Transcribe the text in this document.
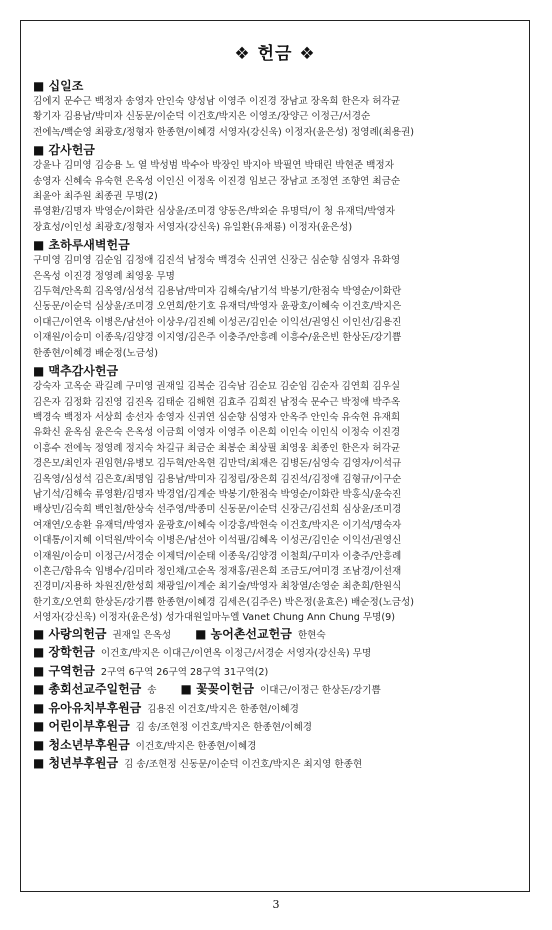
❖ 헌금 ❖
■ 십일조
김에지 문수근 백정자 송영자 안인숙 양성남 이영주 이진경 장남교 장옥희 한은자 허각균
황기자 김용남/박미자 신동문/이순덕 이건호/박지은 이영조/장양근 이정근/서경순
전에녹/백순영 최광호/정형자 한종현/이혜경 서영자(강신욱) 이정자(윤은성) 정영례(최용권)
■ 감사헌금
강윤나 김미영 김승용 노 열 박성범 박수아 박장인 박지아 박필연 박태린 박현준 백정자
송영자 신혜숙 유숙현 은옥성 이인신 이정옥 이진경 임보근 장남교 조정연 조향연 최금순
최윤아 최주원 최종권 무명(2)
류영환/김명자 박영순/이화란 심상윤/조미경 양동은/박외순 유명덕/이 청 유재덕/박영자
장효성/이인성 최광호/정형자 서영자(강신욱) 유일환(유채룡) 이정자(윤은성)
■ 초하루새벽헌금
구미영 김미영 김순임 김정애 김진석 남정숙 백경숙 신귀연 신장근 심순향 심영자 유화영
은옥성 이진경 정영례 최영웅 무명
김두혁/안옥희 김옥영/심성석 김용남/박미자 김해숙/남기석 박봉기/한점숙 박영순/이화란
신동문/이순덕 심상윤/조미경 오연희/한기호 유재덕/박영자 윤광호/이혜숙 이건호/박지은
이대근/이연옥 이병은/남선아 이상우/김진혜 이성곤/김인순 이익선/권영신 이인선/김용진
이재원/이승미 이종욱/김양경 이지영/김은주 이충주/안흥례 이흥수/윤은빈 한상돈/강기쁨
한종현/이혜경 배순정(노금성)
■ 맥추감사헌금
강숙자 고옥순 곽길례 구미영 권재일 김복순 김숙남 김순묘 김순임 김순자 김연희 김우실
김은자 김정화 김진영 김진옥 김태순 김해현 김효주 김희진 남정숙 문수근 박정애 박주옥
백경숙 백정자 서상희 송선자 송영자 신귀연 심순향 심영자 안옥주 안인숙 유숙현 유재희
유화신 윤옥심 윤은숙 은옥성 이금희 이영자 이영주 이은희 이인숙 이인식 이정숙 이진경
이흥수 전에녹 정영례 정지숙 차길규 최금순 최봉순 최상필 최영웅 최종인 한은자 허각균
경은모/최인자 권임현/유병모 김두혁/안옥현 김만덕/최재은 김병돈/심영숙 김영자/이석규
김옥영/심성석 김은호/최명임 김용남/박미자 김정림/장은희 김진석/김정애 김형규/이구순
남기석/김해숙 류영환/김명자 박경업/김계순 박봉기/한점숙 박영순/이화란 박홍식/윤숙진
배상민/김숙희 백인철/한상숙 선주영/박종미 신동문/이순덕 신장근/김선희 심상윤/조미경
여재연/오송환 유재덕/박영자 윤광호/이혜숙 이강흥/박현숙 이건호/박지은 이기석/명숙자
이대통/이지혜 이덕원/박이숙 이병은/남선아 이석필/김혜옥 이성곤/김인순 이익선/권영신
이재원/이승미 이정근/서경순 이제덕/이순태 이종욱/김양경 이철희/구미자 이충주/안흥례
이흔근/함유숙 임병수/김미라 정인채/고순옥 정재홍/권은희 조금도/여미경 조남경/이선재
진경미/지용하 차원진/한성희 채광일/이계순 최기술/박영자 최창열/손영순 최춘희/한원식
한기호/오연희 한상돈/강기쁨 한종현/이혜경 김세은(김주은) 박은정(윤효은) 배순정(노금성)
서영자(강신욱) 이정자(윤은성) 성가대원일마누엘 Vanet Chung Ann Chung 무명(9)
■ 사랑의헌금 권재일 은옥성 ■ 농어촌선교헌금 한현숙
■ 장학헌금 이건호/박지은 이대근/이연옥 이정근/서경순 서영자(강신욱) 무명
■ 구역헌금 2구역 6구역 26구역 28구역 31구역(2)
■ 총회선교주일헌금 송 ■ 꽃꽂이헌금 이대근/이정근 한상돈/강기쁨
■ 유아유치부후원금 김용진 이건호/박지은 한종현/이혜경
■ 어린이부후원금 김 송/조현정 이건호/박지은 한종현/이혜경
■ 청소년부후원금 이건호/박지은 한종현/이혜경
■ 청년부후원금 김 송/조현정 신동문/이순덕 이건호/박지은 최지영 한종현
3
